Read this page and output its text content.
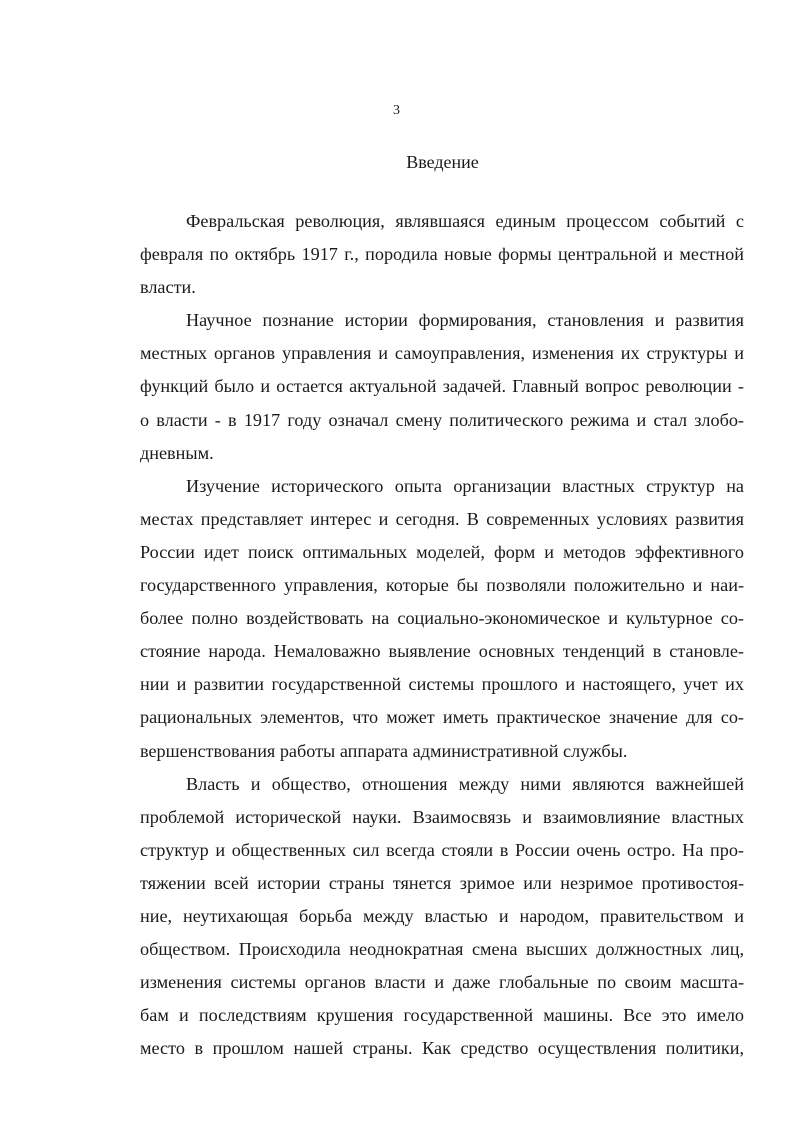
3
Введение
Февральская революция, являвшаяся единым процессом событий с
февраля по октябрь 1917 г., породила новые формы центральной и местной
власти.
Научное познание истории формирования, становления и развития
местных органов управления и самоуправления, изменения их структуры и
функций было и остается актуальной задачей. Главный вопрос революции -
о власти - в 1917 году означал смену политического режима и стал злобо-
дневным.
Изучение исторического опыта организации властных структур на
местах представляет интерес и сегодня. В современных условиях развития
России идет поиск оптимальных моделей, форм и методов эффективного
государственного управления, которые бы позволяли положительно и наи-
более полно воздействовать на социально-экономическое и культурное со-
стояние народа. Немаловажно выявление основных тенденций в становле-
нии и развитии государственной системы прошлого и настоящего, учет их
рациональных элементов, что может иметь практическое значение для со-
вершенствования работы аппарата административной службы.
Власть и общество, отношения между ними являются важнейшей
проблемой исторической науки. Взаимосвязь и взаимовлияние властных
структур и общественных сил всегда стояли в России очень остро. На про-
тяжении всей истории страны тянется зримое или незримое противостоя-
ние, неутихающая борьба между властью и народом, правительством и
обществом. Происходила неоднократная смена высших должностных лиц,
изменения системы органов власти и даже глобальные по своим масшта-
бам и последствиям крушения государственной машины. Все это имело
место в прошлом нашей страны. Как средство осуществления политики,
